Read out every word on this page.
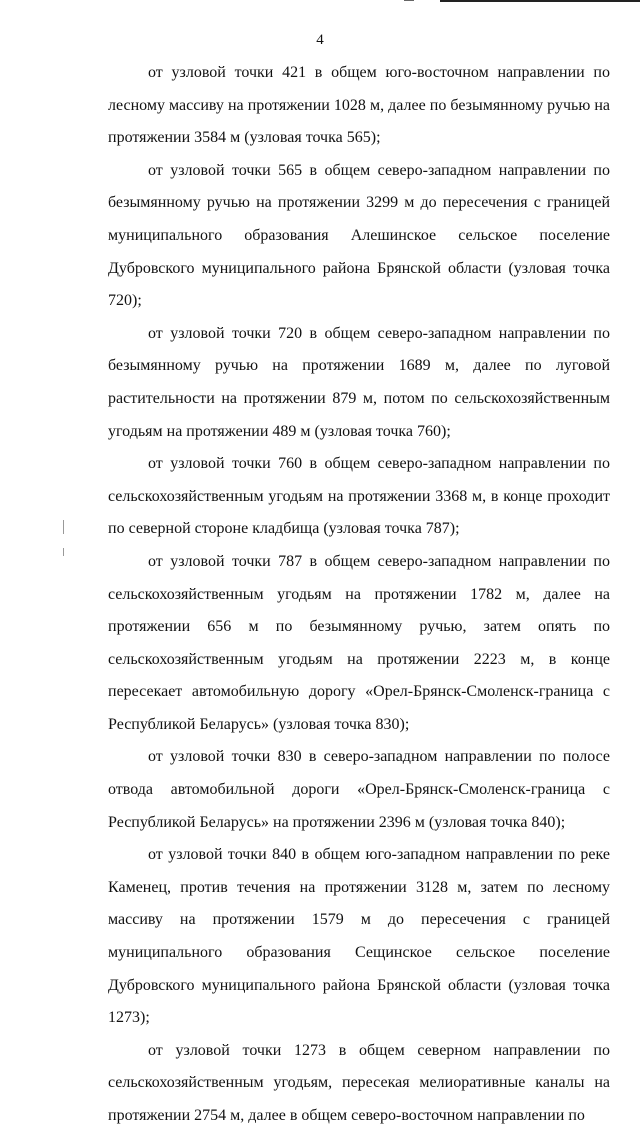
4

от узловой точки 421 в общем юго-восточном направлении по лесному массиву на протяжении 1028 м, далее по безымянному ручью на протяжении 3584 м (узловая точка 565);

от узловой точки 565 в общем северо-западном направлении по безымянному ручью на протяжении 3299 м до пересечения с границей муниципального образования Алешинское сельское поселение Дубровского муниципального района Брянской области (узловая точка 720);

от узловой точки 720 в общем северо-западном направлении по безымянному ручью на протяжении 1689 м, далее по луговой растительности на протяжении 879 м, потом по сельскохозяйственным угодьям на протяжении 489 м (узловая точка 760);

от узловой точки 760 в общем северо-западном направлении по сельскохозяйственным угодьям на протяжении 3368 м, в конце проходит по северной стороне кладбища (узловая точка 787);

от узловой точки 787 в общем северо-западном направлении по сельскохозяйственным угодьям на протяжении 1782 м, далее на протяжении 656 м по безымянному ручью, затем опять по сельскохозяйственным угодьям на протяжении 2223 м, в конце пересекает автомобильную дорогу «Орел-Брянск-Смоленск-граница с Республикой Беларусь» (узловая точка 830);

от узловой точки 830 в северо-западном направлении по полосе отвода автомобильной дороги «Орел-Брянск-Смоленск-граница с Республикой Беларусь» на протяжении 2396 м (узловая точка 840);

от узловой точки 840 в общем юго-западном направлении по реке Каменец, против течения на протяжении 3128 м, затем по лесному массиву на протяжении 1579 м до пересечения с границей муниципального образования Сещинское сельское поселение Дубровского муниципального района Брянской области (узловая точка 1273);

от узловой точки 1273 в общем северном направлении по сельскохозяйственным угодьям, пересекая мелиоративные каналы на протяжении 2754 м, далее в общем северо-восточном направлении по
